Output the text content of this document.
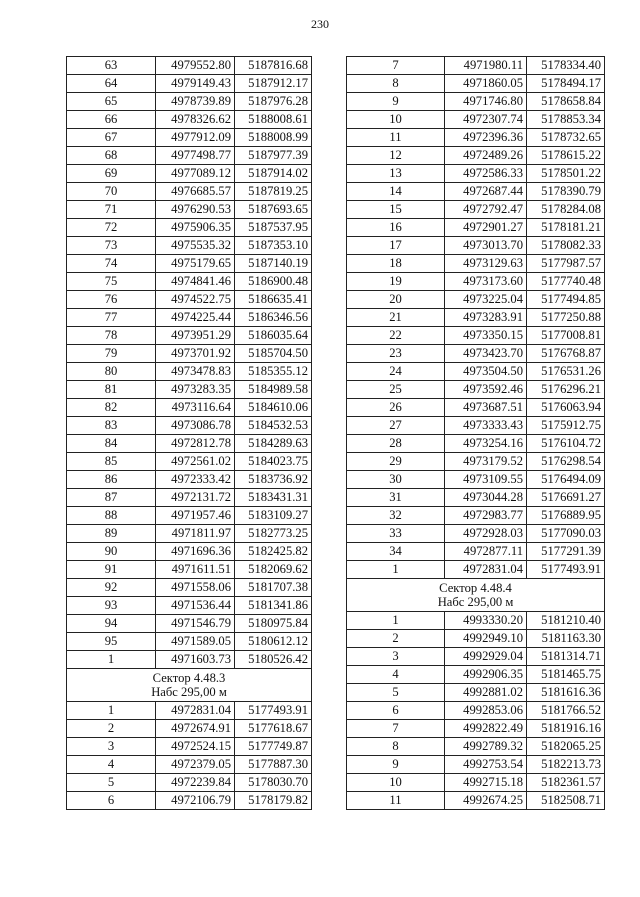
230
63	4979552.80	5187816.68
64	4979149.43	5187912.17
65	4978739.89	5187976.28
66	4978326.62	5188008.61
67	4977912.09	5188008.99
68	4977498.77	5187977.39
69	4977089.12	5187914.02
70	4976685.57	5187819.25
71	4976290.53	5187693.65
72	4975906.35	5187537.95
73	4975535.32	5187353.10
74	4975179.65	5187140.19
75	4974841.46	5186900.48
76	4974522.75	5186635.41
77	4974225.44	5186346.56
78	4973951.29	5186035.64
79	4973701.92	5185704.50
80	4973478.83	5185355.12
81	4973283.35	5184989.58
82	4973116.64	5184610.06
83	4973086.78	5184532.53
84	4972812.78	5184289.63
85	4972561.02	5184023.75
86	4972333.42	5183736.92
87	4972131.72	5183431.31
88	4971957.46	5183109.27
89	4971811.97	5182773.25
90	4971696.36	5182425.82
91	4971611.51	5182069.62
92	4971558.06	5181707.38
93	4971536.44	5181341.86
94	4971546.79	5180975.84
95	4971589.05	5180612.12
1	4971603.73	5180526.42

Сектор 4.48.3
Набс 295,00 м		

1	4972831.04	5177493.91
2	4972674.91	5177618.67
3	4972524.15	5177749.87
4	4972379.05	5177887.30
5	4972239.84	5178030.70
6	4972106.79	5178179.82
7	4971980.11	5178334.40
8	4971860.05	5178494.17
9	4971746.80	5178658.84
10	4972307.74	5178853.34
11	4972396.36	5178732.65
12	4972489.26	5178615.22
13	4972586.33	5178501.22
14	4972687.44	5178390.79
15	4972792.47	5178284.08
16	4972901.27	5178181.21
17	4973013.70	5178082.33
18	4973129.63	5177987.57
19	4973173.60	5177740.48
20	4973225.04	5177494.85
21	4973283.91	5177250.88
22	4973350.15	5177008.81
23	4973423.70	5176768.87
24	4973504.50	5176531.26
25	4973592.46	5176296.21
26	4973687.51	5176063.94
27	4973333.43	5175912.75
28	4973254.16	5176104.72
29	4973179.52	5176298.54
30	4973109.55	5176494.09
31	4973044.28	5176691.27
32	4972983.77	5176889.95
33	4972928.03	5177090.03
34	4972877.11	5177291.39
1	4972831.04	5177493.91

Сектор 4.48.4
Набс 295,00 м		

1	4993330.20	5181210.40
2	4992949.10	5181163.30
3	4992929.04	5181314.71
4	4992906.35	5181465.75
5	4992881.02	5181616.36
6	4992853.06	5181766.52
7	4992822.49	5181916.16
8	4992789.32	5182065.25
9	4992753.54	5182213.73
10	4992715.18	5182361.57
11	4992674.25	5182508.71
